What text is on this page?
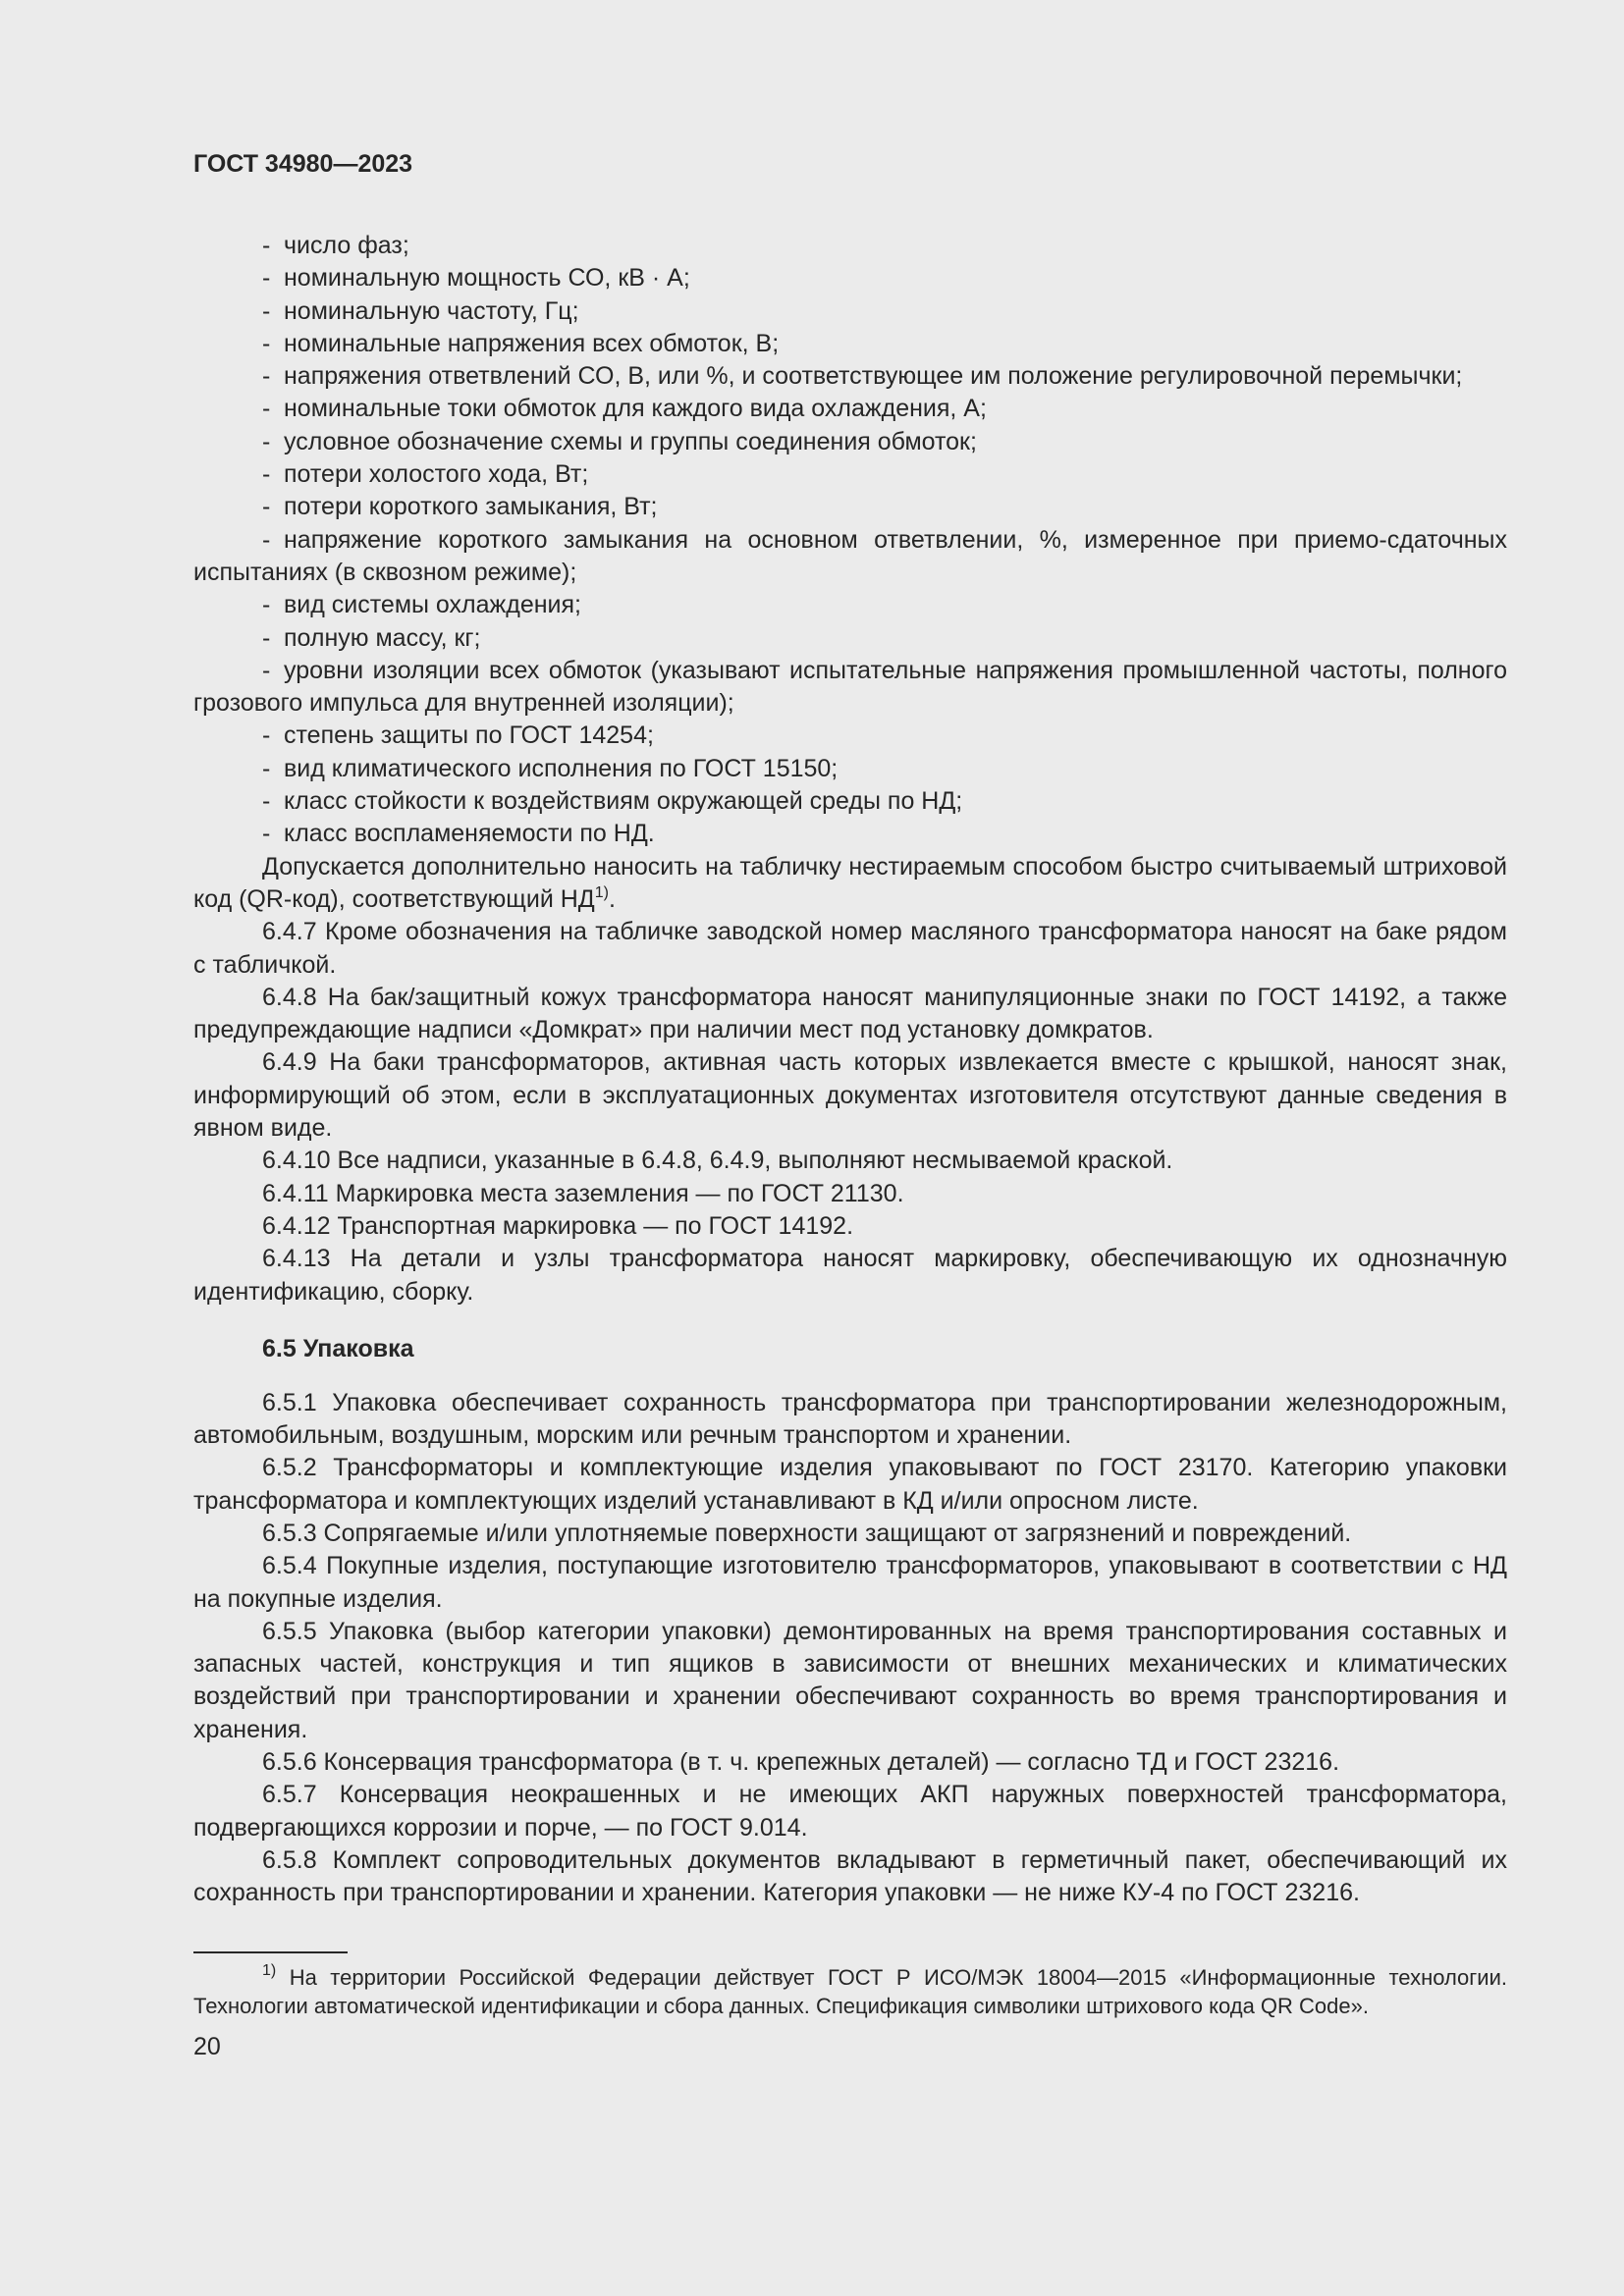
ГОСТ 34980—2023

- число фаз;

- номинальную мощность СО, кВ · А;

- номинальную частоту, Гц;

- номинальные напряжения всех обмоток, В;

- напряжения ответвлений СО, В, или %, и соответствующее им положение регулировочной перемычки;

- номинальные токи обмоток для каждого вида охлаждения, А;

- условное обозначение схемы и группы соединения обмоток;

- потери холостого хода, Вт;

- потери короткого замыкания, Вт;

- напряжение короткого замыкания на основном ответвлении, %, измеренное при приемо-сдаточных испытаниях (в сквозном режиме);

- вид системы охлаждения;

- полную массу, кг;

- уровни изоляции всех обмоток (указывают испытательные напряжения промышленной частоты, полного грозового импульса для внутренней изоляции);

- степень защиты по ГОСТ 14254;

- вид климатического исполнения по ГОСТ 15150;

- класс стойкости к воздействиям окружающей среды по НД;

- класс воспламеняемости по НД.

Допускается дополнительно наносить на табличку нестираемым способом быстро считываемый штриховой код (QR-код), соответствующий НД$^{1)}$.

6.4.7 Кроме обозначения на табличке заводской номер масляного трансформатора наносят на баке рядом с табличкой.

6.4.8 На бак/защитный кожух трансформатора наносят манипуляционные знаки по ГОСТ 14192, а также предупреждающие надписи «Домкрат» при наличии мест под установку домкратов.

6.4.9 На баки трансформаторов, активная часть которых извлекается вместе с крышкой, наносят знак, информирующий об этом, если в эксплуатационных документах изготовителя отсутствуют данные сведения в явном виде.

6.4.10 Все надписи, указанные в 6.4.8, 6.4.9, выполняют несмываемой краской.

6.4.11 Маркировка места заземления — по ГОСТ 21130.

6.4.12 Транспортная маркировка — по ГОСТ 14192.

6.4.13 На детали и узлы трансформатора наносят маркировку, обеспечивающую их однозначную идентификацию, сборку.

6.5 Упаковка

6.5.1 Упаковка обеспечивает сохранность трансформатора при транспортировании железнодорожным, автомобильным, воздушным, морским или речным транспортом и хранении.

6.5.2 Трансформаторы и комплектующие изделия упаковывают по ГОСТ 23170. Категорию упаковки трансформатора и комплектующих изделий устанавливают в КД и/или опросном листе.

6.5.3 Сопрягаемые и/или уплотняемые поверхности защищают от загрязнений и повреждений.

6.5.4 Покупные изделия, поступающие изготовителю трансформаторов, упаковывают в соответствии с НД на покупные изделия.

6.5.5 Упаковка (выбор категории упаковки) демонтированных на время транспортирования составных и запасных частей, конструкция и тип ящиков в зависимости от внешних механических и климатических воздействий при транспортировании и хранении обеспечивают сохранность во время транспортирования и хранения.

6.5.6 Консервация трансформатора (в т. ч. крепежных деталей) — согласно ТД и ГОСТ 23216.

6.5.7 Консервация неокрашенных и не имеющих АКП наружных поверхностей трансформатора, подвергающихся коррозии и порче, — по ГОСТ 9.014.

6.5.8 Комплект сопроводительных документов вкладывают в герметичный пакет, обеспечивающий их сохранность при транспортировании и хранении. Категория упаковки — не ниже КУ-4 по ГОСТ 23216.

$^{1)}$ На территории Российской Федерации действует ГОСТ Р ИСО/МЭК 18004—2015 «Информационные технологии. Технологии автоматической идентификации и сбора данных. Спецификация символики штрихового кода QR Code».

20
